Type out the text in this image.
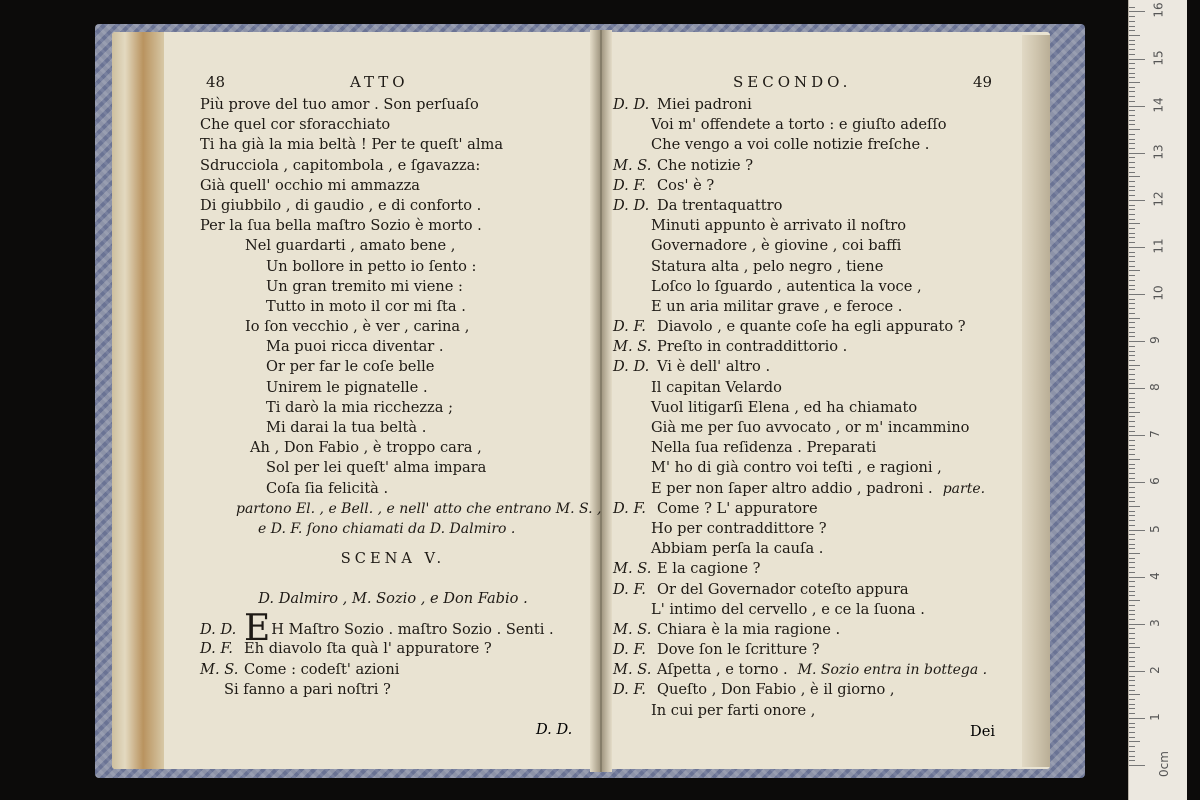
48	ATTO
Più prove del tuo amor . Son perſuaſo
Che quel cor sforacchiato
Ti ha già la mia beltà ! Per te queſt' alma
Sdrucciola , capitombola , e ſgavazza:
Già quell' occhio mi ammazza
Di giubbilo , di gaudio , e di conforto .
Per la ſua bella maſtro Sozio è morto .
Nel guardarti , amato bene ,
Un bollore in petto io ſento :
Un gran tremito mi viene :
Tutto in moto il cor mi ſta .
Io ſon vecchio , è ver , carina ,
Ma puoi ricca diventar .
Or per far le coſe belle
Unirem le pignatelle .
Ti darò la mia ricchezza ;
Mi darai la tua beltà .
Ah , Don Fabio , è troppo cara ,
Sol per lei queſt' alma impara
Coſa ſia felicità .
partono El. , e Bell. , e nell' atto che entrano M. S. ,
e D. F. ſono chiamati da D. Dalmiro .
SCENA V.
D. Dalmiro , M. Sozio , e Don Fabio .
D. D. EH Maſtro Sozio . maſtro Sozio . Senti .
D. F. Eh diavolo ſta quà l' appuratore ?
M. S. Come : codeſt' azioni
Si fanno a pari noſtri ?
D. D.
SECONDO.	49
D. D. Miei padroni
Voi m' offendete a torto : e giuſto adeſſo
Che vengo a voi colle notizie freſche .
M. S. Che notizie ?
D. F. Cos' è ?
D. D. Da trentaquattro
Minuti appunto è arrivato il noſtro
Governadore , è giovine , coi baffi
Statura alta , pelo negro , tiene
Loſco lo ſguardo , autentica la voce ,
E un aria militar grave , e feroce .
D. F. Diavolo , e quante coſe ha egli appurato ?
M. S. Preſto in contraddittorio .
D. D. Vi è dell' altro .
Il capitan Velardo
Vuol litigarſi Elena , ed ha chiamato
Già me per ſuo avvocato , or m' incammino
Nella ſua reſidenza . Preparati
M' ho di già contro voi teſti , e ragioni ,
E per non ſaper altro addio , padroni . parte.
D. F. Come ? L' appuratore
Ho per contraddittore ?
Abbiam perſa la cauſa .
M. S. E la cagione ?
D. F. Or del Governador coteſto appura
L' intimo del cervello , e ce la ſuona .
M. S. Chiara è la mia ragione .
D. F. Dove ſon le ſcritture ?
M. S. Aſpetta , e torno . M. Sozio entra in bottega .
D. F. Queſto , Don Fabio , è il giorno ,
In cui per farti onore ,
Dei
16
15
14
13
12
11
10
9
8
7
6
5
4
3
2
1
0cm
